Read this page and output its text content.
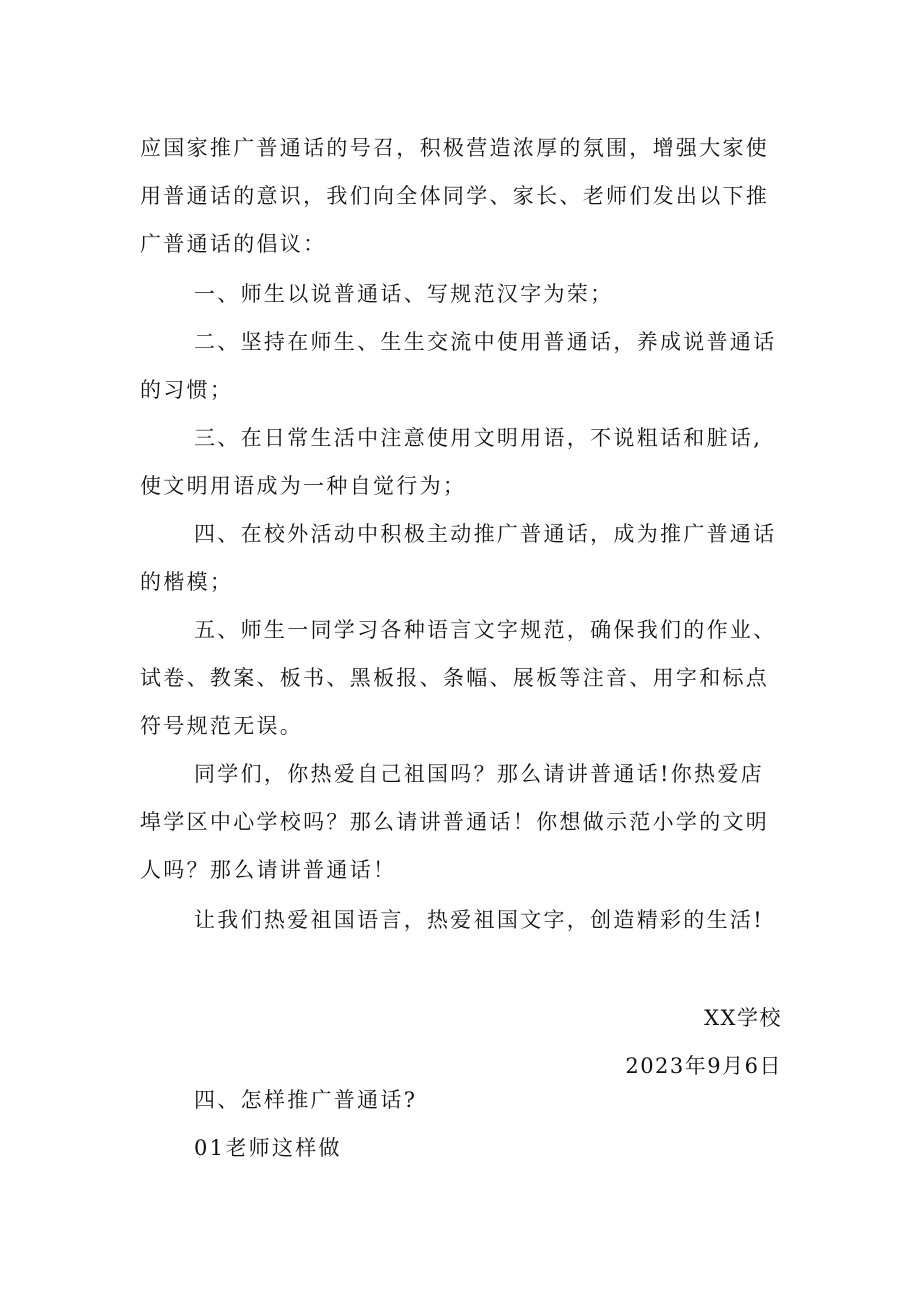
应国家推广普通话的号召，积极营造浓厚的氛围，增强大家使用普通话的意识，我们向全体同学、家长、老师们发出以下推广普通话的倡议：
一、师生以说普通话、写规范汉字为荣；
二、坚持在师生、生生交流中使用普通话，养成说普通话的习惯；
三、在日常生活中注意使用文明用语，不说粗话和脏话,使文明用语成为一种自觉行为；
四、在校外活动中积极主动推广普通话，成为推广普通话的楷模；
五、师生一同学习各种语言文字规范，确保我们的作业、试卷、教案、板书、黑板报、条幅、展板等注音、用字和标点符号规范无误。
同学们，你热爱自己祖国吗？那么请讲普通话!你热爱店埠学区中心学校吗？那么请讲普通话！你想做示范小学的文明人吗？那么请讲普通话！
让我们热爱祖国语言，热爱祖国文字，创造精彩的生活!
XX学校
2023年9月6日
四、怎样推广普通话?
01老师这样做
